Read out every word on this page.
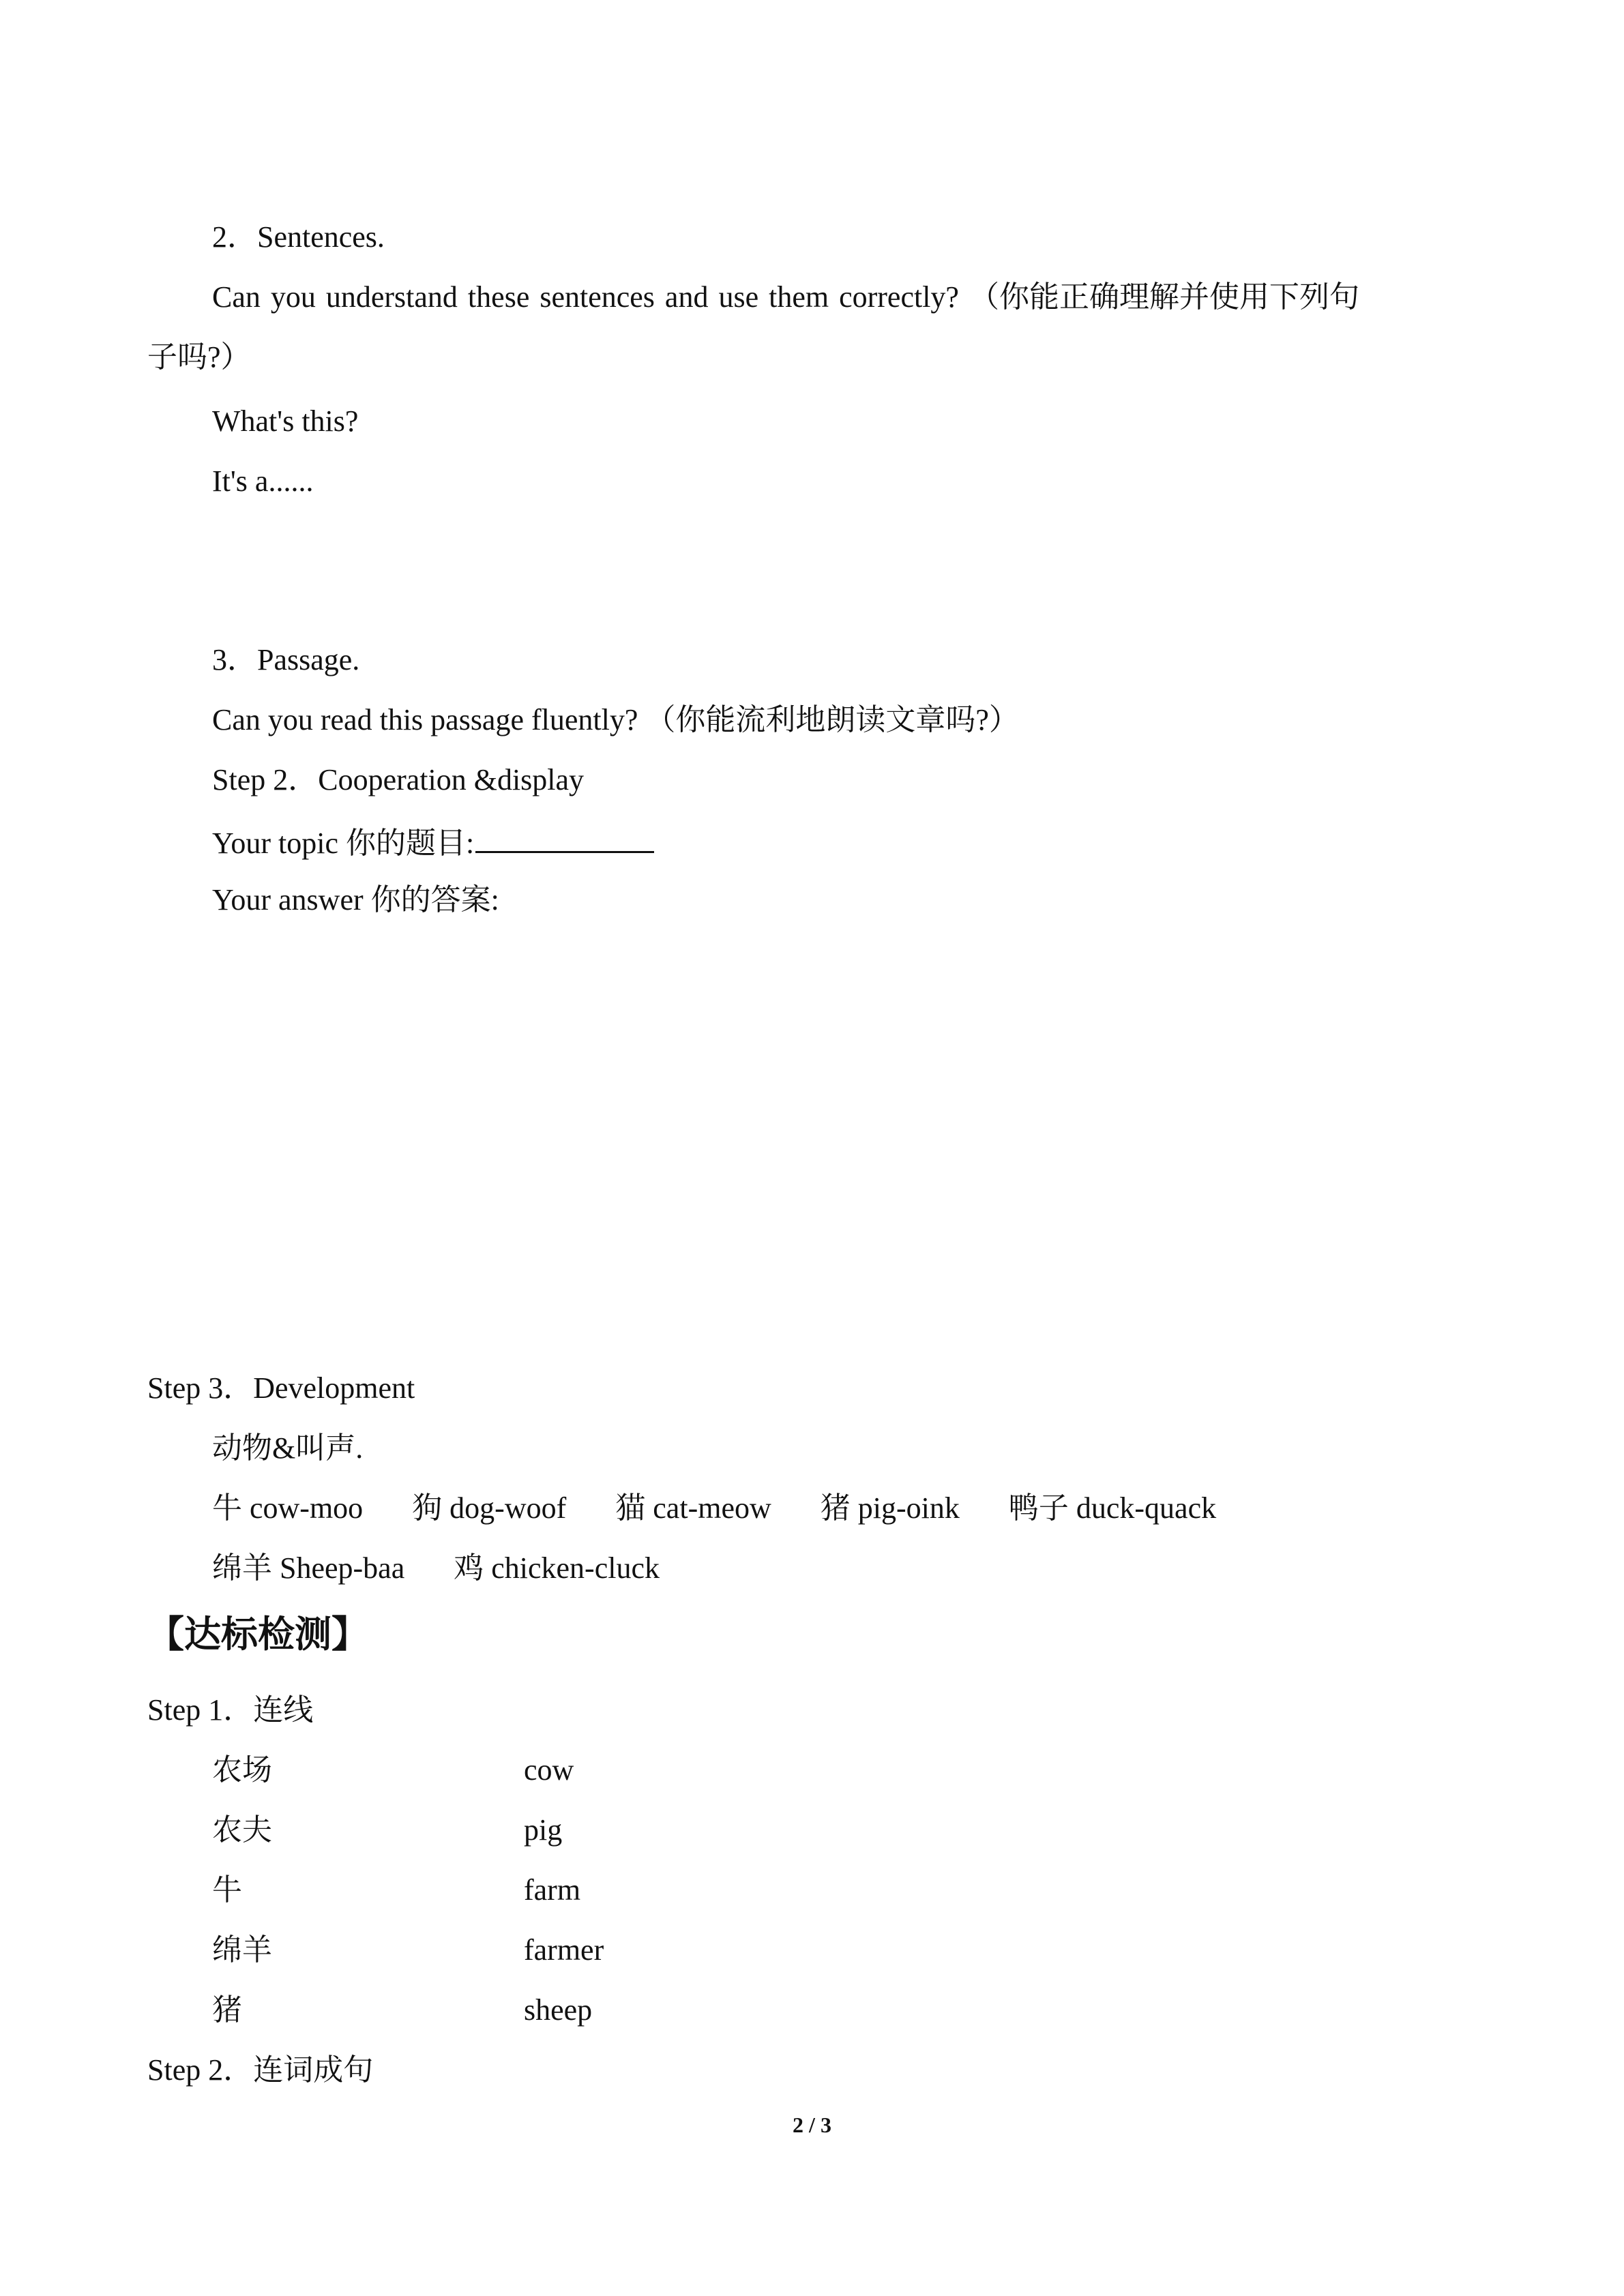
2．Sentences.
Can you understand these sentences and use them correctly? （你能正确理解并使用下列句
子吗?）
What's this?
It's a......
3．Passage.
Can you read this passage fluently? （你能流利地朗读文章吗?）
Step 2．Cooperation &display
Your topic 你的题目:
Your answer 你的答案:
Step 3．Development
动物&叫声.
牛 cow-moo 狗 dog-woof 猫 cat-meow 猪 pig-oink 鸭子 duck-quack
绵羊 Sheep-baa 鸡 chicken-cluck
【达标检测】
Step 1．连线
农场	cow
农夫	pig
牛	farm
绵羊	farmer
猪	sheep
Step 2．连词成句
2 / 3
